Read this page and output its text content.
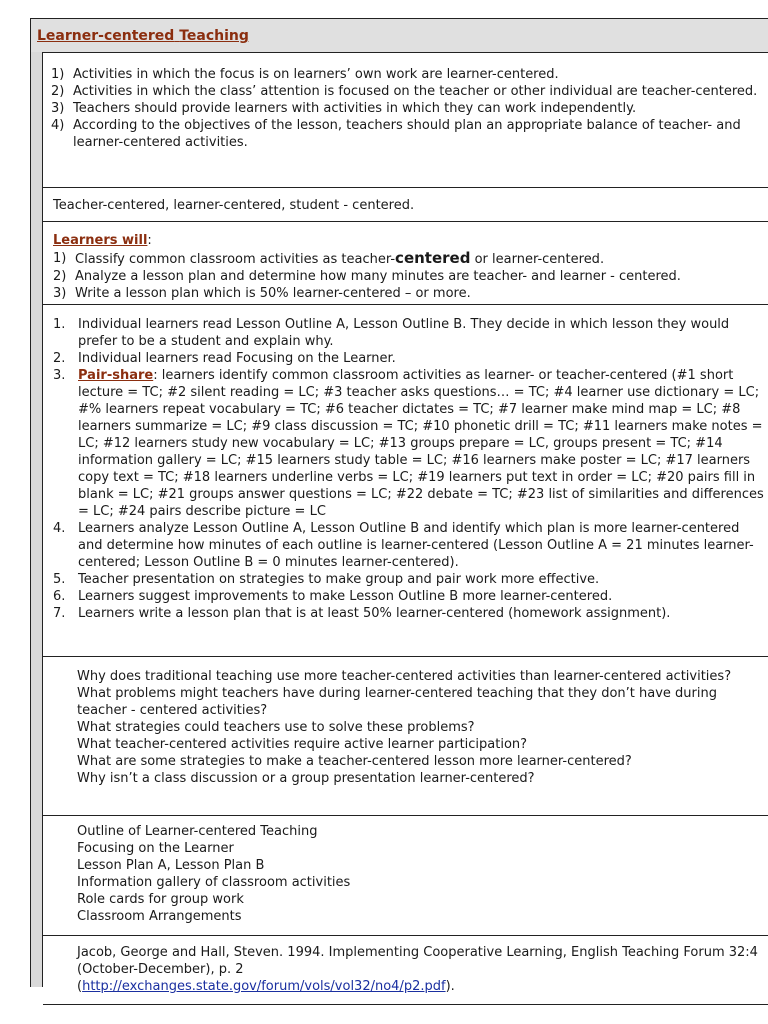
Learner-centered Teaching
1) Activities in which the focus is on learners’ own work are learner-centered.
2) Activities in which the class’ attention is focused on the teacher or other individual are teacher-centered.
3) Teachers should provide learners with activities in which they can work independently.
4) According to the objectives of the lesson, teachers should plan an appropriate balance of teacher- and learner-centered activities.
Teacher-centered, learner-centered, student - centered.
Learners will:
1) Classify common classroom activities as teacher-centered or learner-centered.
2) Analyze a lesson plan and determine how many minutes are teacher- and learner - centered.
3) Write a lesson plan which is 50% learner-centered – or more.
1. Individual learners read Lesson Outline A, Lesson Outline B. They decide in which lesson they would prefer to be a student and explain why.
2. Individual learners read Focusing on the Learner.
3. Pair-share: learners identify common classroom activities as learner- or teacher-centered (#1 short lecture = TC; #2 silent reading = LC; #3 teacher asks questions… = TC; #4 learner use dictionary = LC; #% learners repeat vocabulary = TC; #6 teacher dictates = TC; #7 learner make mind map = LC; #8 learners summarize = LC; #9 class discussion = TC; #10 phonetic drill = TC; #11 learners make notes = LC; #12 learners study new vocabulary = LC; #13 groups prepare = LC, groups present = TC; #14 information gallery = LC; #15 learners study table = LC; #16 learners make poster = LC; #17 learners copy text = TC; #18 learners underline verbs = LC; #19 learners put text in order = LC; #20 pairs fill in blank = LC; #21 groups answer questions = LC; #22 debate = TC; #23 list of similarities and differences = LC; #24 pairs describe picture = LC
4. Learners analyze Lesson Outline A, Lesson Outline B and identify which plan is more learner-centered and determine how minutes of each outline is learner-centered (Lesson Outline A = 21 minutes learner-centered; Lesson Outline B = 0 minutes learner-centered).
5. Teacher presentation on strategies to make group and pair work more effective.
6. Learners suggest improvements to make Lesson Outline B more learner-centered.
7. Learners write a lesson plan that is at least 50% learner-centered (homework assignment).
Why does traditional teaching use more teacher-centered activities than learner-centered activities?
What problems might teachers have during learner-centered teaching that they don’t have during teacher - centered activities?
What strategies could teachers use to solve these problems?
What teacher-centered activities require active learner participation?
What are some strategies to make a teacher-centered lesson more learner-centered?
Why isn’t a class discussion or a group presentation learner-centered?
Outline of Learner-centered Teaching
Focusing on the Learner
Lesson Plan A, Lesson Plan B
Information gallery of classroom activities
Role cards for group work
Classroom Arrangements
Jacob, George and Hall, Steven. 1994. Implementing Cooperative Learning, English Teaching Forum 32:4 (October-December), p. 2
(http://exchanges.state.gov/forum/vols/vol32/no4/p2.pdf).
